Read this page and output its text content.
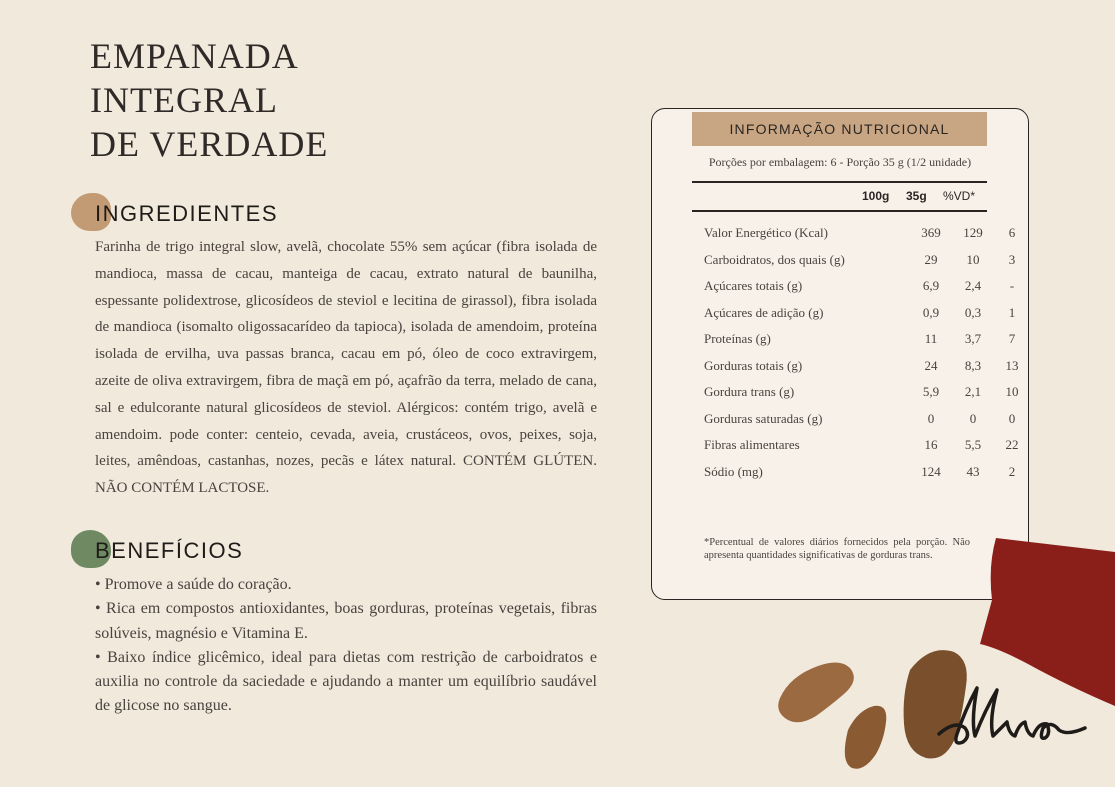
EMPANADA
INTEGRAL
DE VERDADE
INGREDIENTES

Farinha de trigo integral slow, avelã, chocolate 55% sem açúcar (fibra isolada de mandioca, massa de cacau, manteiga de cacau, extrato natural de baunilha, espessante polidextrose, glicosídeos de steviol e lecitina de girassol), fibra isolada de mandioca (isomalto oligossacarídeo da tapioca), isolada de amendoim, proteína isolada de ervilha, uva passas branca, cacau em pó, óleo de coco extravirgem, azeite de oliva extravirgem, fibra de maçã em pó, açafrão da terra, melado de cana, sal e edulcorante natural glicosídeos de steviol. Alérgicos: contém trigo, avelã e amendoim. pode conter: centeio, cevada, aveia, crustáceos, ovos, peixes, soja, leites, amêndoas, castanhas, nozes, pecãs e látex natural. CONTÉM GLÚTEN. NÃO CONTÉM LACTOSE.

BENEFÍCIOS
• Promove a saúde do coração.
• Rica em compostos antioxidantes, boas gorduras, proteínas vegetais, fibras solúveis, magnésio e Vitamina E.
• Baixo índice glicêmico, ideal para dietas com restrição de carboidratos e auxilia no controle da saciedade e ajudando a manter um equilíbrio saudável de glicose no sangue.
INFORMAÇÃO NUTRICIONAL
Porções por embalagem: 6 - Porção 35 g (1/2 unidade)
100g 35g %VD*
Valor Energético (Kcal)	369	129	6
Carboidratos, dos quais (g)	29	10	3
Açúcares totais (g)	6,9	2,4	-
Açúcares de adição (g)	0,9	0,3	1
Proteínas (g)	11	3,7	7
Gorduras totais (g)	24	8,3	13
Gordura trans (g)	5,9	2,1	10
Gorduras saturadas (g)	0	0	0
Fibras alimentares	16	5,5	22
Sódio (mg)	124	43	2
*Percentual de valores diários fornecidos pela porção. Não apresenta quantidades significativas de gorduras trans.
